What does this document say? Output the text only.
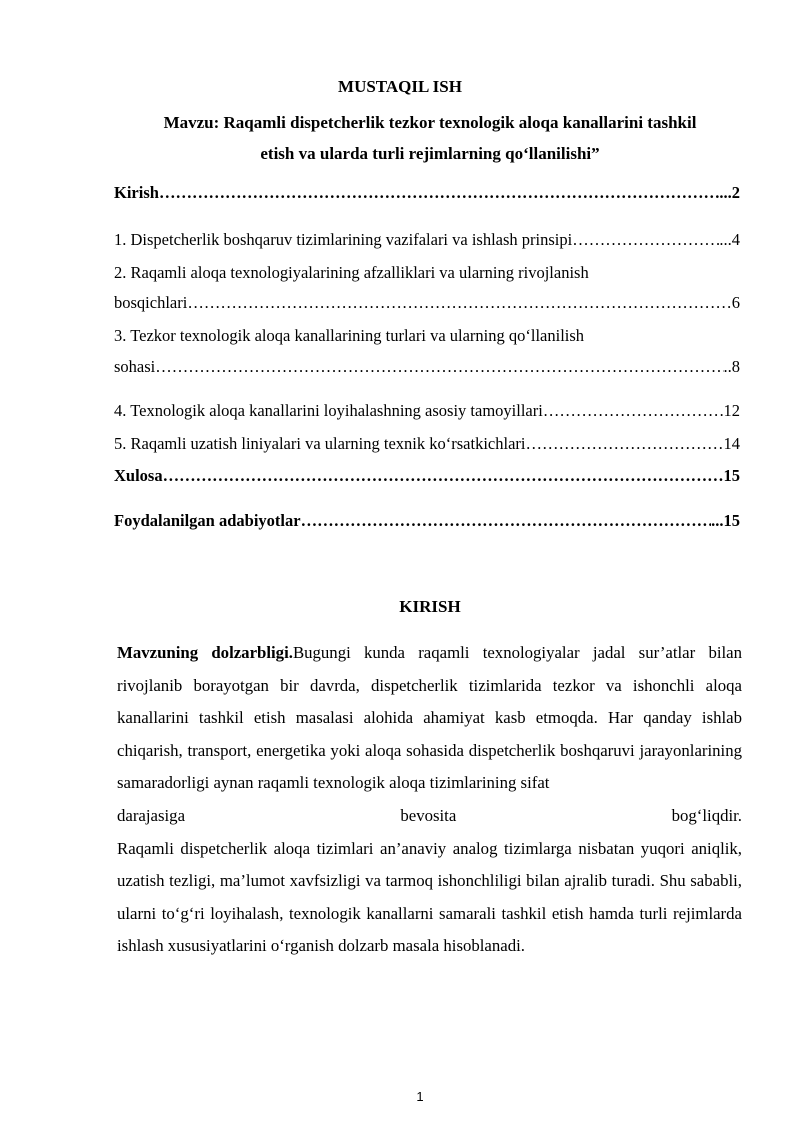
MUSTAQIL ISH
Mavzu: Raqamli dispetcherlik tezkor texnologik aloqa kanallarini tashkil
etish va ularda turli rejimlarning qo‘llanilishi”
Kirish …………………………………………………………………………………………………………………………………	...2
1. Dispetcherlik boshqaruv tizimlarining vazifalari va ishlash prinsipi …………………………………………………………………………………………………………………………………	...4
2. Raqamli aloqa texnologiyalarining afzalliklari va ularning rivojlanish
bosqichlari …………………………………………………………………………………………………………………………………	6
3. Tezkor texnologik aloqa kanallarining turlari va ularning qo‘llanilish
sohasi …………………………………………………………………………………………………………………………………	..8
4. Texnologik aloqa kanallarini loyihalashning asosiy tamoyillari …………………………………………………………………………………………………………………………………	12
5. Raqamli uzatish liniyalari va ularning texnik ko‘rsatkichlari …………………………………………………………………………………………………………………………………	14
Xulosa …………………………………………………………………………………………………………………………………	15
Foydalanilgan adabiyotlar …………………………………………………………………………………………………………………………………	...15
KIRISH

Mavzuning dolzarbligi.Bugungi kunda raqamli texnologiyalar jadal sur’atlar bilan rivojlanib borayotgan bir davrda, dispetcherlik tizimlarida tezkor va ishonchli aloqa kanallarini tashkil etish masalasi alohida ahamiyat kasb etmoqda. Har qanday ishlab chiqarish, transport, energetika yoki aloqa sohasida dispetcherlik boshqaruvi jarayonlarining samaradorligi aynan raqamli texnologik aloqa tizimlarining sifat

darajasiga bevosita bog‘liqdir.

Raqamli dispetcherlik aloqa tizimlari an’anaviy analog tizimlarga nisbatan yuqori aniqlik, uzatish tezligi, ma’lumot xavfsizligi va tarmoq ishonchliligi bilan ajralib turadi. Shu sababli, ularni to‘g‘ri loyihalash, texnologik kanallarni samarali tashkil etish hamda turli rejimlarda ishlash xususiyatlarini o‘rganish dolzarb masala hisoblanadi.

1
